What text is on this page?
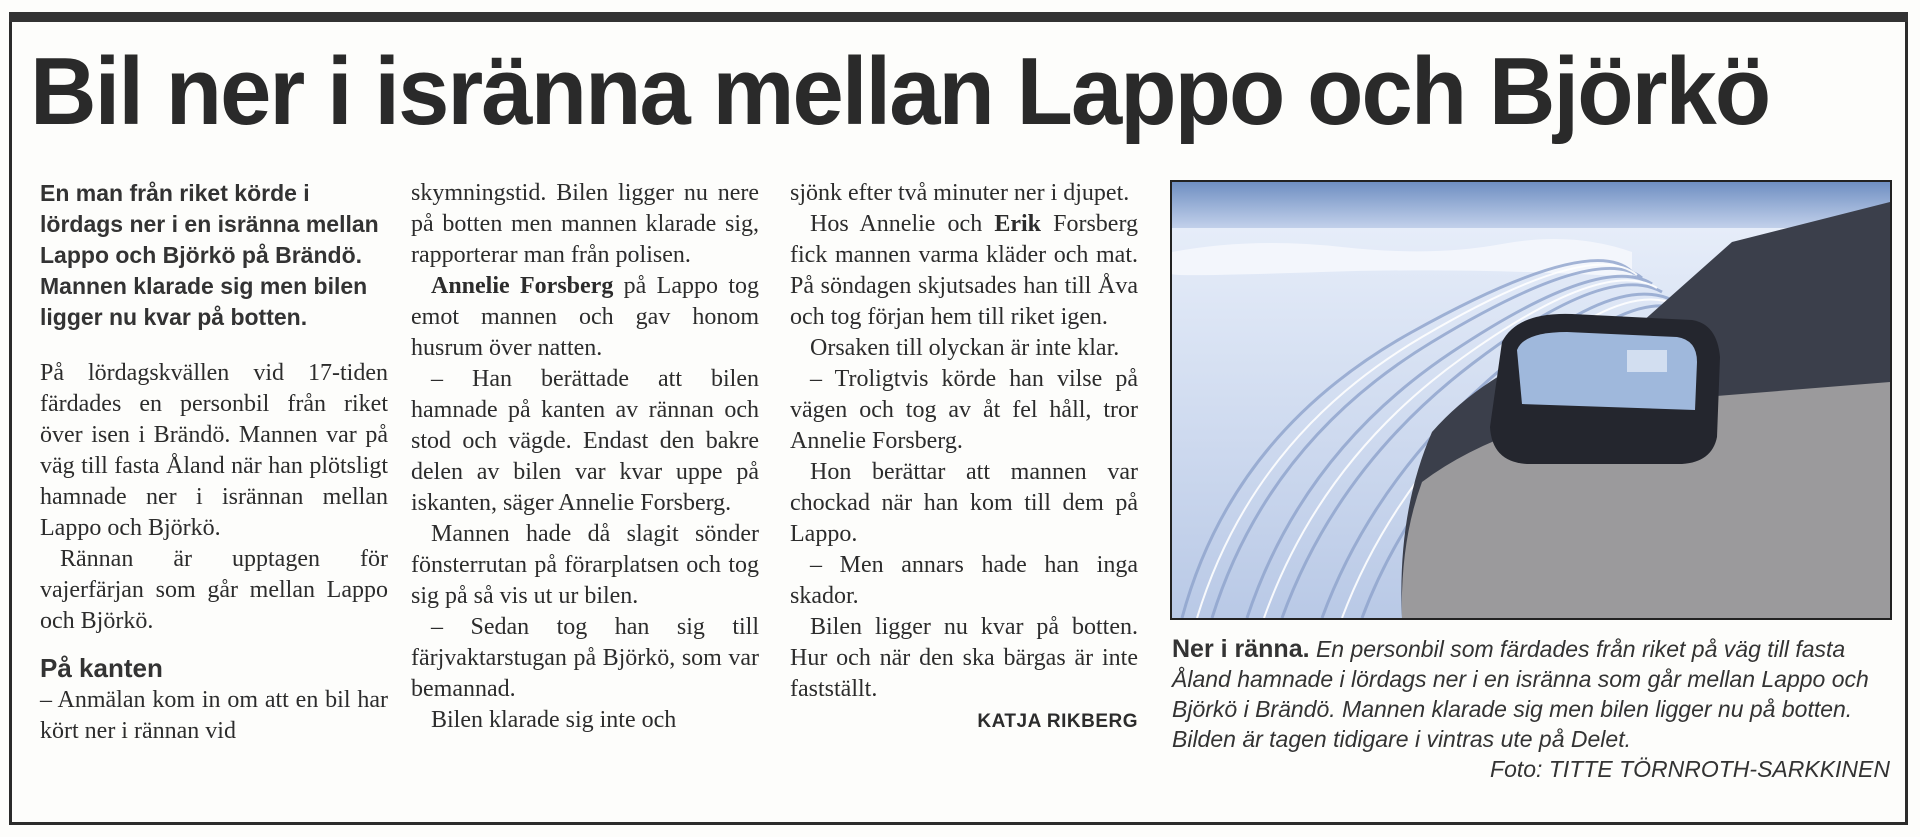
Bil ner i isränna mellan Lappo och Björkö

En man från riket körde i lördags ner i en isränna mellan Lappo och Björkö på Brändö. Mannen klarade sig men bilen ligger nu kvar på botten.

På lördagskvällen vid 17-tiden färdades en personbil från riket över isen i Brändö. Mannen var på väg till fasta Åland när han plötsligt hamnade ner i isrännan mellan Lappo och Björkö.

Rännan är upptagen för vajerfärjan som går mellan Lappo och Björkö.

På kanten

– Anmälan kom in om att en bil har kört ner i rännan vid

skymningstid. Bilen ligger nu nere på botten men mannen klarade sig, rapporterar man från polisen.

Annelie Forsberg på Lappo tog emot mannen och gav honom husrum över natten.

– Han berättade att bilen hamnade på kanten av rännan och stod och vägde. Endast den bakre delen av bilen var kvar uppe på iskanten, säger Annelie Forsberg.

Mannen hade då slagit sönder fönsterrutan på förarplatsen och tog sig på så vis ut ur bilen.

– Sedan tog han sig till färjvaktarstugan på Björkö, som var bemannad.

Bilen klarade sig inte och

sjönk efter två minuter ner i djupet.

Hos Annelie och Erik Forsberg fick mannen varma kläder och mat. På söndagen skjutsades han till Åva och tog förjan hem till riket igen.

Orsaken till olyckan är inte klar.

– Troligtvis körde han vilse på vägen och tog av åt fel håll, tror Annelie Forsberg.

Hon berättar att mannen var chockad när han kom till dem på Lappo.

– Men annars hade han inga skador.

Bilen ligger nu kvar på botten. Hur och när den ska bärgas är inte fastställt.

KATJA RIKBERG
Ner i ränna. En personbil som färdades från riket på väg till fasta Åland hamnade i lördags ner i en isränna som går mellan Lappo och Björkö i Brändö. Mannen klarade sig men bilen ligger nu på botten. Bilden är tagen tidigare i vintras ute på Delet.
Foto: TITTE TÖRNROTH-SARKKINEN
